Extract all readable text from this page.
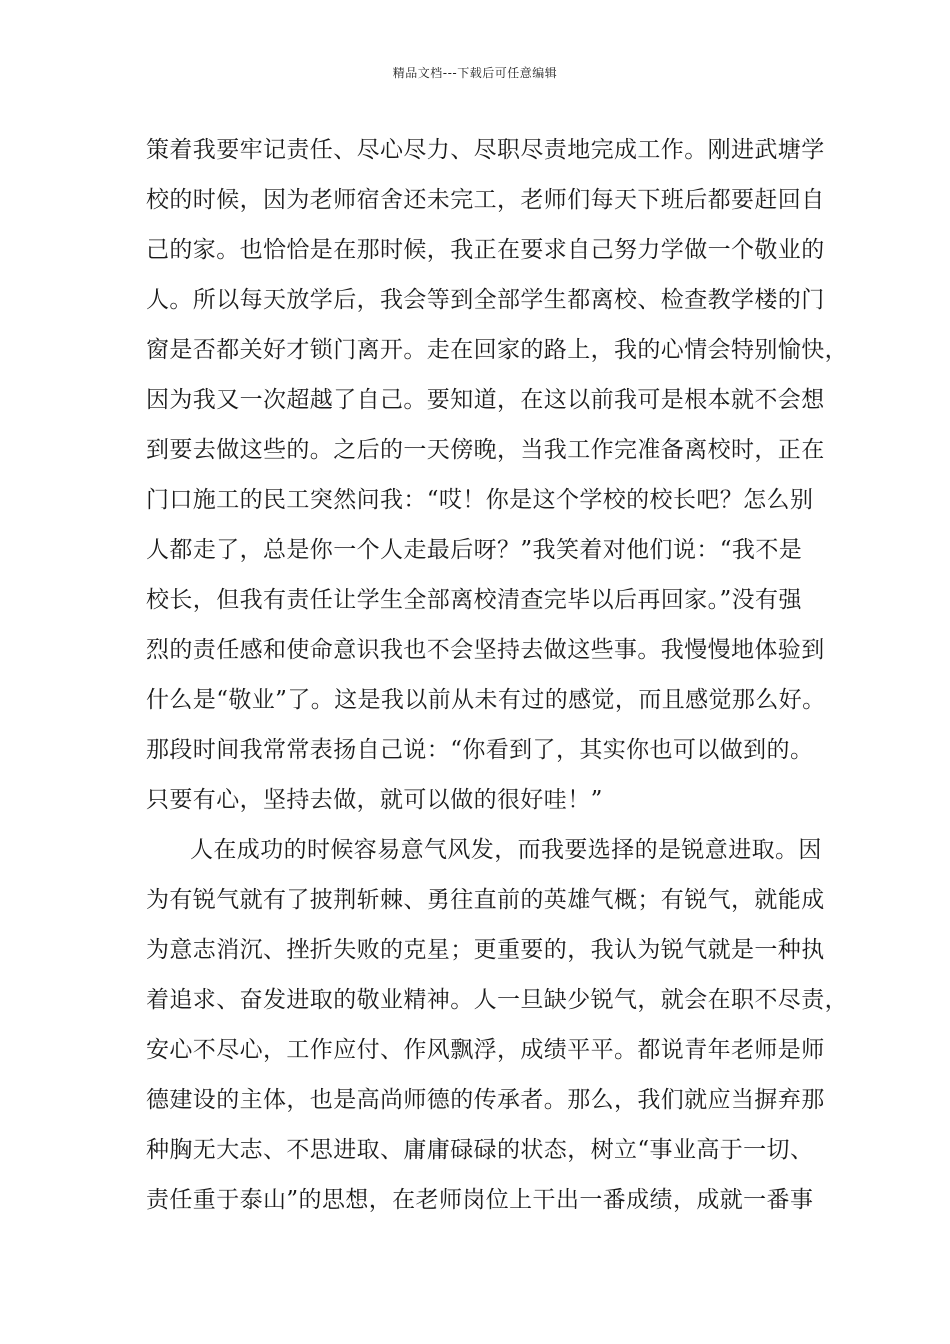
精品文档---下载后可任意编辑
策着我要牢记责任、尽心尽力、尽职尽责地完成工作。刚进武塘学
校的时候，因为老师宿舍还未完工，老师们每天下班后都要赶回自
己的家。也恰恰是在那时候，我正在要求自己努力学做一个敬业的
人。所以每天放学后，我会等到全部学生都离校、检查教学楼的门
窗是否都关好才锁门离开。走在回家的路上，我的心情会特别愉快，
因为我又一次超越了自己。要知道，在这以前我可是根本就不会想
到要去做这些的。之后的一天傍晚，当我工作完准备离校时，正在
门口施工的民工突然问我：“哎！你是这个学校的校长吧？怎么别
人都走了，总是你一个人走最后呀？”我笑着对他们说：“我不是
校长，但我有责任让学生全部离校清查完毕以后再回家。”没有强
烈的责任感和使命意识我也不会坚持去做这些事。我慢慢地体验到
什么是“敬业”了。这是我以前从未有过的感觉，而且感觉那么好。
那段时间我常常表扬自己说：“你看到了，其实你也可以做到的。
只要有心，坚持去做，就可以做的很好哇！”
人在成功的时候容易意气风发，而我要选择的是锐意进取。因
为有锐气就有了披荆斩棘、勇往直前的英雄气概；有锐气，就能成
为意志消沉、挫折失败的克星；更重要的，我认为锐气就是一种执
着追求、奋发进取的敬业精神。人一旦缺少锐气，就会在职不尽责，
安心不尽心，工作应付、作风飘浮，成绩平平。都说青年老师是师
德建设的主体，也是高尚师德的传承者。那么，我们就应当摒弃那
种胸无大志、不思进取、庸庸碌碌的状态，树立“事业高于一切、
责任重于泰山”的思想，在老师岗位上干出一番成绩，成就一番事
